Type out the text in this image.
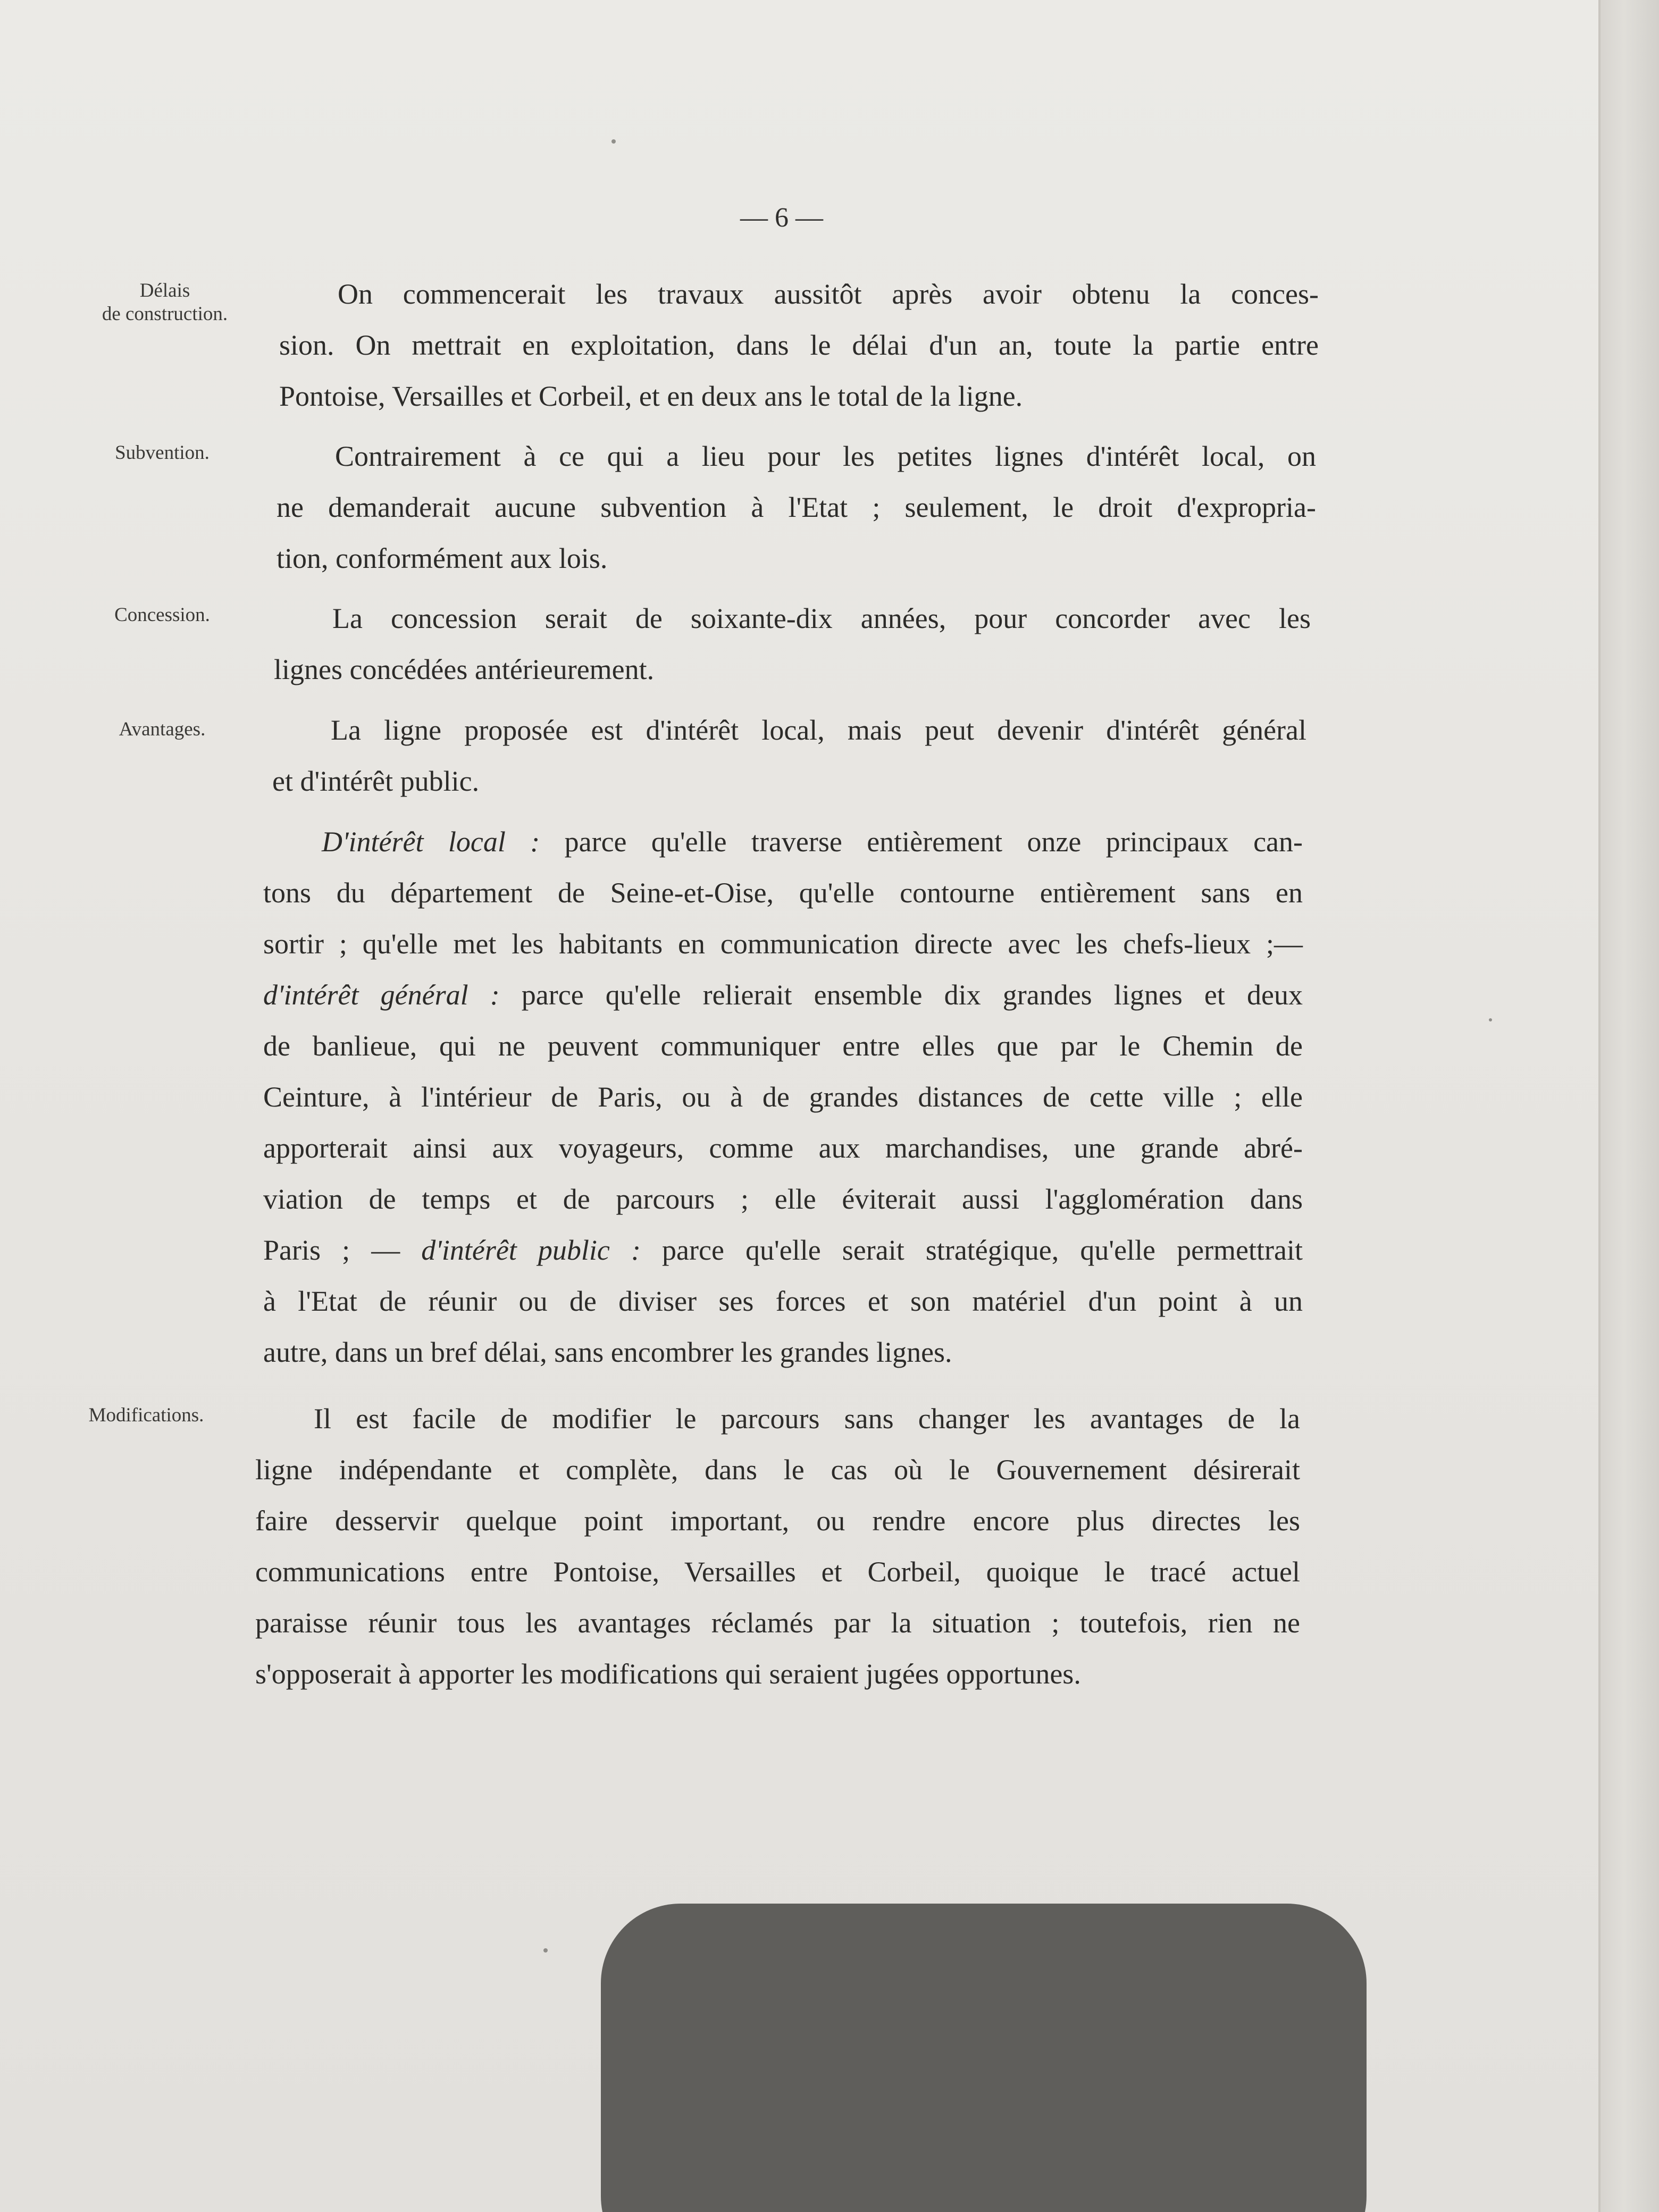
— 6 —
Délais
de construction.
On commencerait les travaux aussitôt après avoir obtenu la conces-
sion. On mettrait en exploitation, dans le délai d'un an, toute la partie entre
Pontoise, Versailles et Corbeil, et en deux ans le total de la ligne.
Subvention.	Contrairement à ce qui a lieu pour les petites lignes d'intérêt local, on
ne demanderait aucune subvention à l'Etat ; seulement, le droit d'expropria-
tion, conformément aux lois.
Concession.	La concession serait de soixante-dix années, pour concorder avec les
lignes concédées antérieurement.
Avantages.	La ligne proposée est d'intérêt local, mais peut devenir d'intérêt général
et d'intérêt public.
D'intérêt local : parce qu'elle traverse entièrement onze principaux can-
tons du département de Seine-et-Oise, qu'elle contourne entièrement sans en
sortir ; qu'elle met les habitants en communication directe avec les chefs-lieux ;—
d'intérêt général : parce qu'elle relierait ensemble dix grandes lignes et deux
de banlieue, qui ne peuvent communiquer entre elles que par le Chemin de
Ceinture, à l'intérieur de Paris, ou à de grandes distances de cette ville ; elle
apporterait ainsi aux voyageurs, comme aux marchandises, une grande abré-
viation de temps et de parcours ; elle éviterait aussi l'agglomération dans
Paris ; — d'intérêt public : parce qu'elle serait stratégique, qu'elle permettrait
à l'Etat de réunir ou de diviser ses forces et son matériel d'un point à un
autre, dans un bref délai, sans encombrer les grandes lignes.
Modifications.	Il est facile de modifier le parcours sans changer les avantages de la
ligne indépendante et complète, dans le cas où le Gouvernement désirerait
faire desservir quelque point important, ou rendre encore plus directes les
communications entre Pontoise, Versailles et Corbeil, quoique le tracé actuel
paraisse réunir tous les avantages réclamés par la situation ; toutefois, rien ne
s'opposerait à apporter les modifications qui seraient jugées opportunes.
